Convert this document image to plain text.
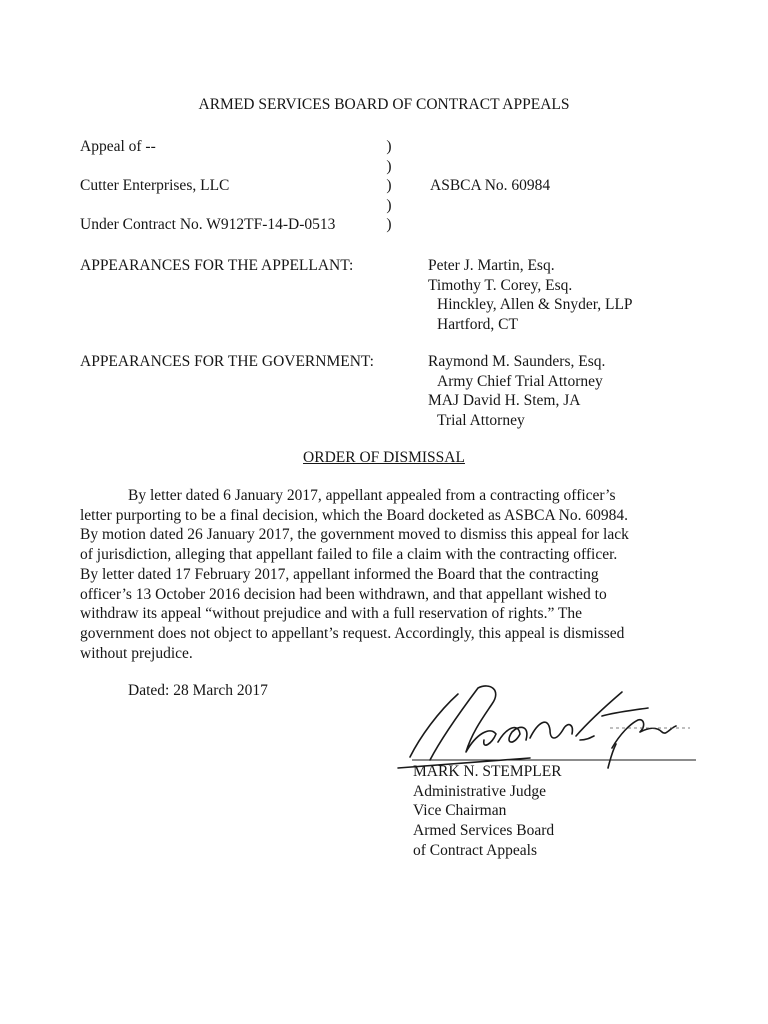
ARMED SERVICES BOARD OF CONTRACT APPEALS
Appeal of --
Cutter Enterprises, LLC
Under Contract No. W912TF-14-D-0513
ASBCA No. 60984
)
)
)
)
)
APPEARANCES FOR THE APPELLANT:	Peter J. Martin, Esq.
Timothy T. Corey, Esq.
Hinckley, Allen & Snyder, LLP
Hartford, CT
APPEARANCES FOR THE GOVERNMENT:	Raymond M. Saunders, Esq.
Army Chief Trial Attorney
MAJ David H. Stem, JA
Trial Attorney
ORDER OF DISMISSAL
By letter dated 6 January 2017, appellant appealed from a contracting officer’s
letter purporting to be a final decision, which the Board docketed as ASBCA No. 60984.
By motion dated 26 January 2017, the government moved to dismiss this appeal for lack
of jurisdiction, alleging that appellant failed to file a claim with the contracting officer.
By letter dated 17 February 2017, appellant informed the Board that the contracting
officer’s 13 October 2016 decision had been withdrawn, and that appellant wished to
withdraw its appeal “without prejudice and with a full reservation of rights.” The
government does not object to appellant’s request. Accordingly, this appeal is dismissed
without prejudice.
Dated: 28 March 2017
MARK N. STEMPLER
Administrative Judge
Vice Chairman
Armed Services Board
of Contract Appeals
